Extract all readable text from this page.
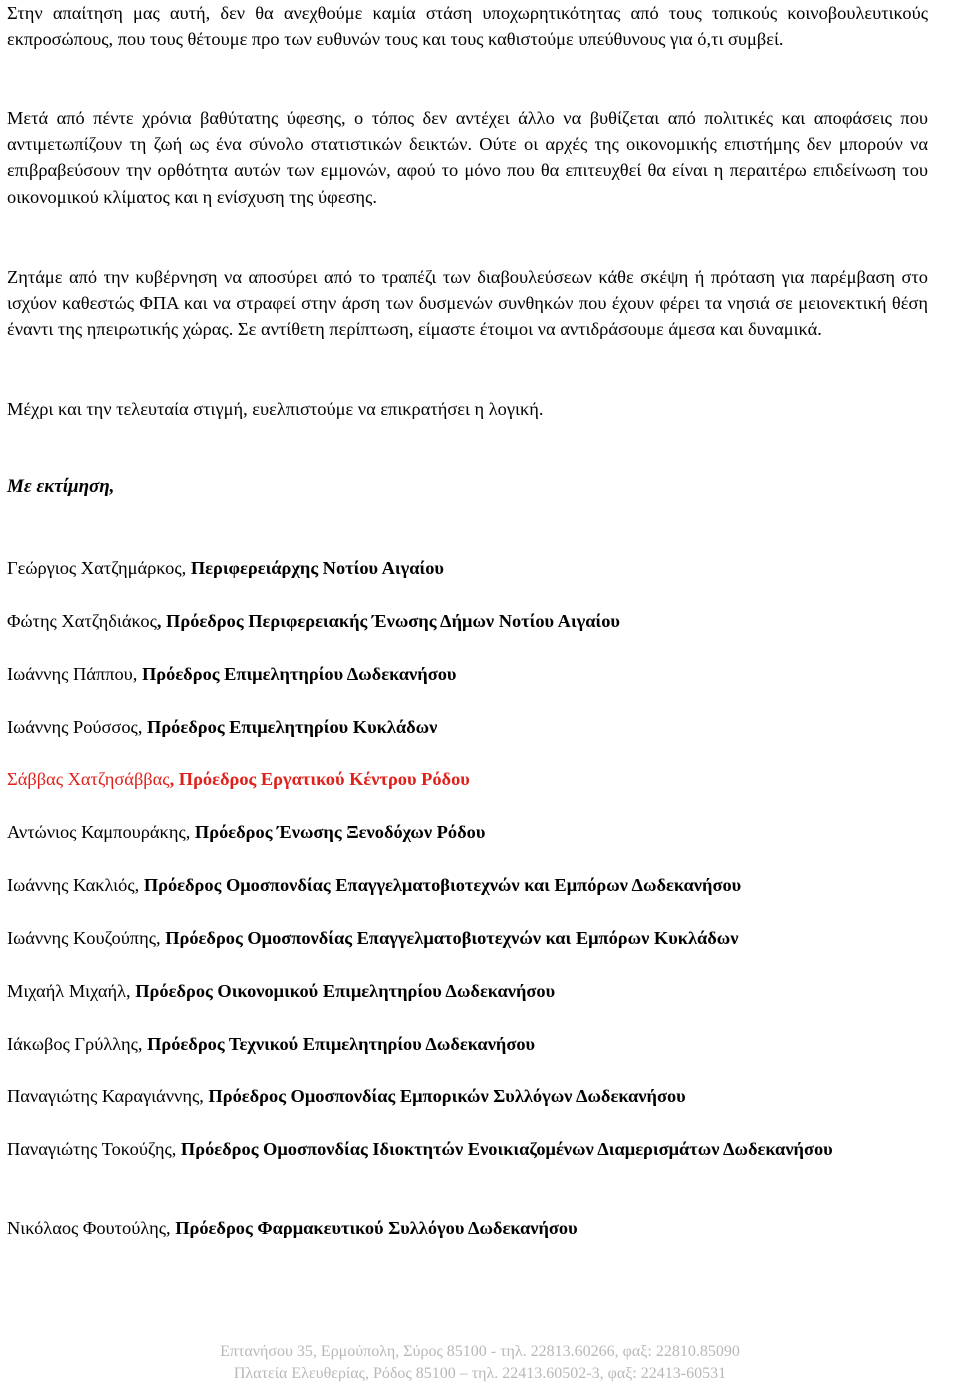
Στην απαίτηση μας αυτή, δεν θα ανεχθούμε καμία στάση υποχωρητικότητας από τους τοπικούς κοινοβουλευτικούς εκπροσώπους, που τους θέτουμε προ των ευθυνών τους και τους καθιστούμε υπεύθυνους για ό,τι συμβεί.

Μετά από πέντε χρόνια βαθύτατης ύφεσης, ο τόπος δεν αντέχει άλλο να βυθίζεται από πολιτικές και αποφάσεις που αντιμετωπίζουν τη ζωή ως ένα σύνολο στατιστικών δεικτών. Ούτε οι αρχές της οικονομικής επιστήμης δεν μπορούν να επιβραβεύσουν την ορθότητα αυτών των εμμονών, αφού το μόνο που θα επιτευχθεί θα είναι η περαιτέρω επιδείνωση του οικονομικού κλίματος και η ενίσχυση της ύφεσης.

Ζητάμε από την κυβέρνηση να αποσύρει από το τραπέζι των διαβουλεύσεων κάθε σκέψη ή πρόταση για παρέμβαση στο ισχύον καθεστώς ΦΠΑ και να στραφεί στην άρση των δυσμενών συνθηκών που έχουν φέρει τα νησιά σε μειονεκτική θέση έναντι της ηπειρωτικής χώρας. Σε αντίθετη περίπτωση, είμαστε έτοιμοι να αντιδράσουμε άμεσα και δυναμικά.

Μέχρι και την τελευταία στιγμή, ευελπιστούμε να επικρατήσει η λογική.

Με εκτίμηση,

Γεώργιος Χατζημάρκος, Περιφερειάρχης Νοτίου Αιγαίου

Φώτης Χατζηδιάκος, Πρόεδρος Περιφερειακής Ένωσης Δήμων Νοτίου Αιγαίου

Ιωάννης Πάππου, Πρόεδρος Επιμελητηρίου Δωδεκανήσου

Ιωάννης Ρούσσος, Πρόεδρος Επιμελητηρίου Κυκλάδων

Σάββας Χατζησάββας, Πρόεδρος Εργατικού Κέντρου Ρόδου

Αντώνιος Καμπουράκης, Πρόεδρος Ένωσης Ξενοδόχων Ρόδου

Ιωάννης Κακλιός, Πρόεδρος Ομοσπονδίας Επαγγελματοβιοτεχνών και Εμπόρων Δωδεκανήσου

Ιωάννης Κουζούπης, Πρόεδρος Ομοσπονδίας Επαγγελματοβιοτεχνών και Εμπόρων Κυκλάδων

Μιχαήλ Μιχαήλ, Πρόεδρος Οικονομικού Επιμελητηρίου Δωδεκανήσου

Ιάκωβος Γρύλλης, Πρόεδρος Τεχνικού Επιμελητηρίου Δωδεκανήσου

Παναγιώτης Καραγιάννης, Πρόεδρος Ομοσπονδίας Εμπορικών Συλλόγων Δωδεκανήσου

Παναγιώτης Τοκούζης, Πρόεδρος Ομοσπονδίας Ιδιοκτητών Ενοικιαζομένων Διαμερισμάτων Δωδεκανήσου

Νικόλαος Φουτούλης, Πρόεδρος Φαρμακευτικού Συλλόγου Δωδεκανήσου

Επτανήσου 35, Ερμούπολη, Σύρος 85100 - τηλ. 22813.60266, φαξ: 22810.85090

Πλατεία Ελευθερίας, Ρόδος 85100 – τηλ. 22413.60502-3, φαξ: 22413-60531
